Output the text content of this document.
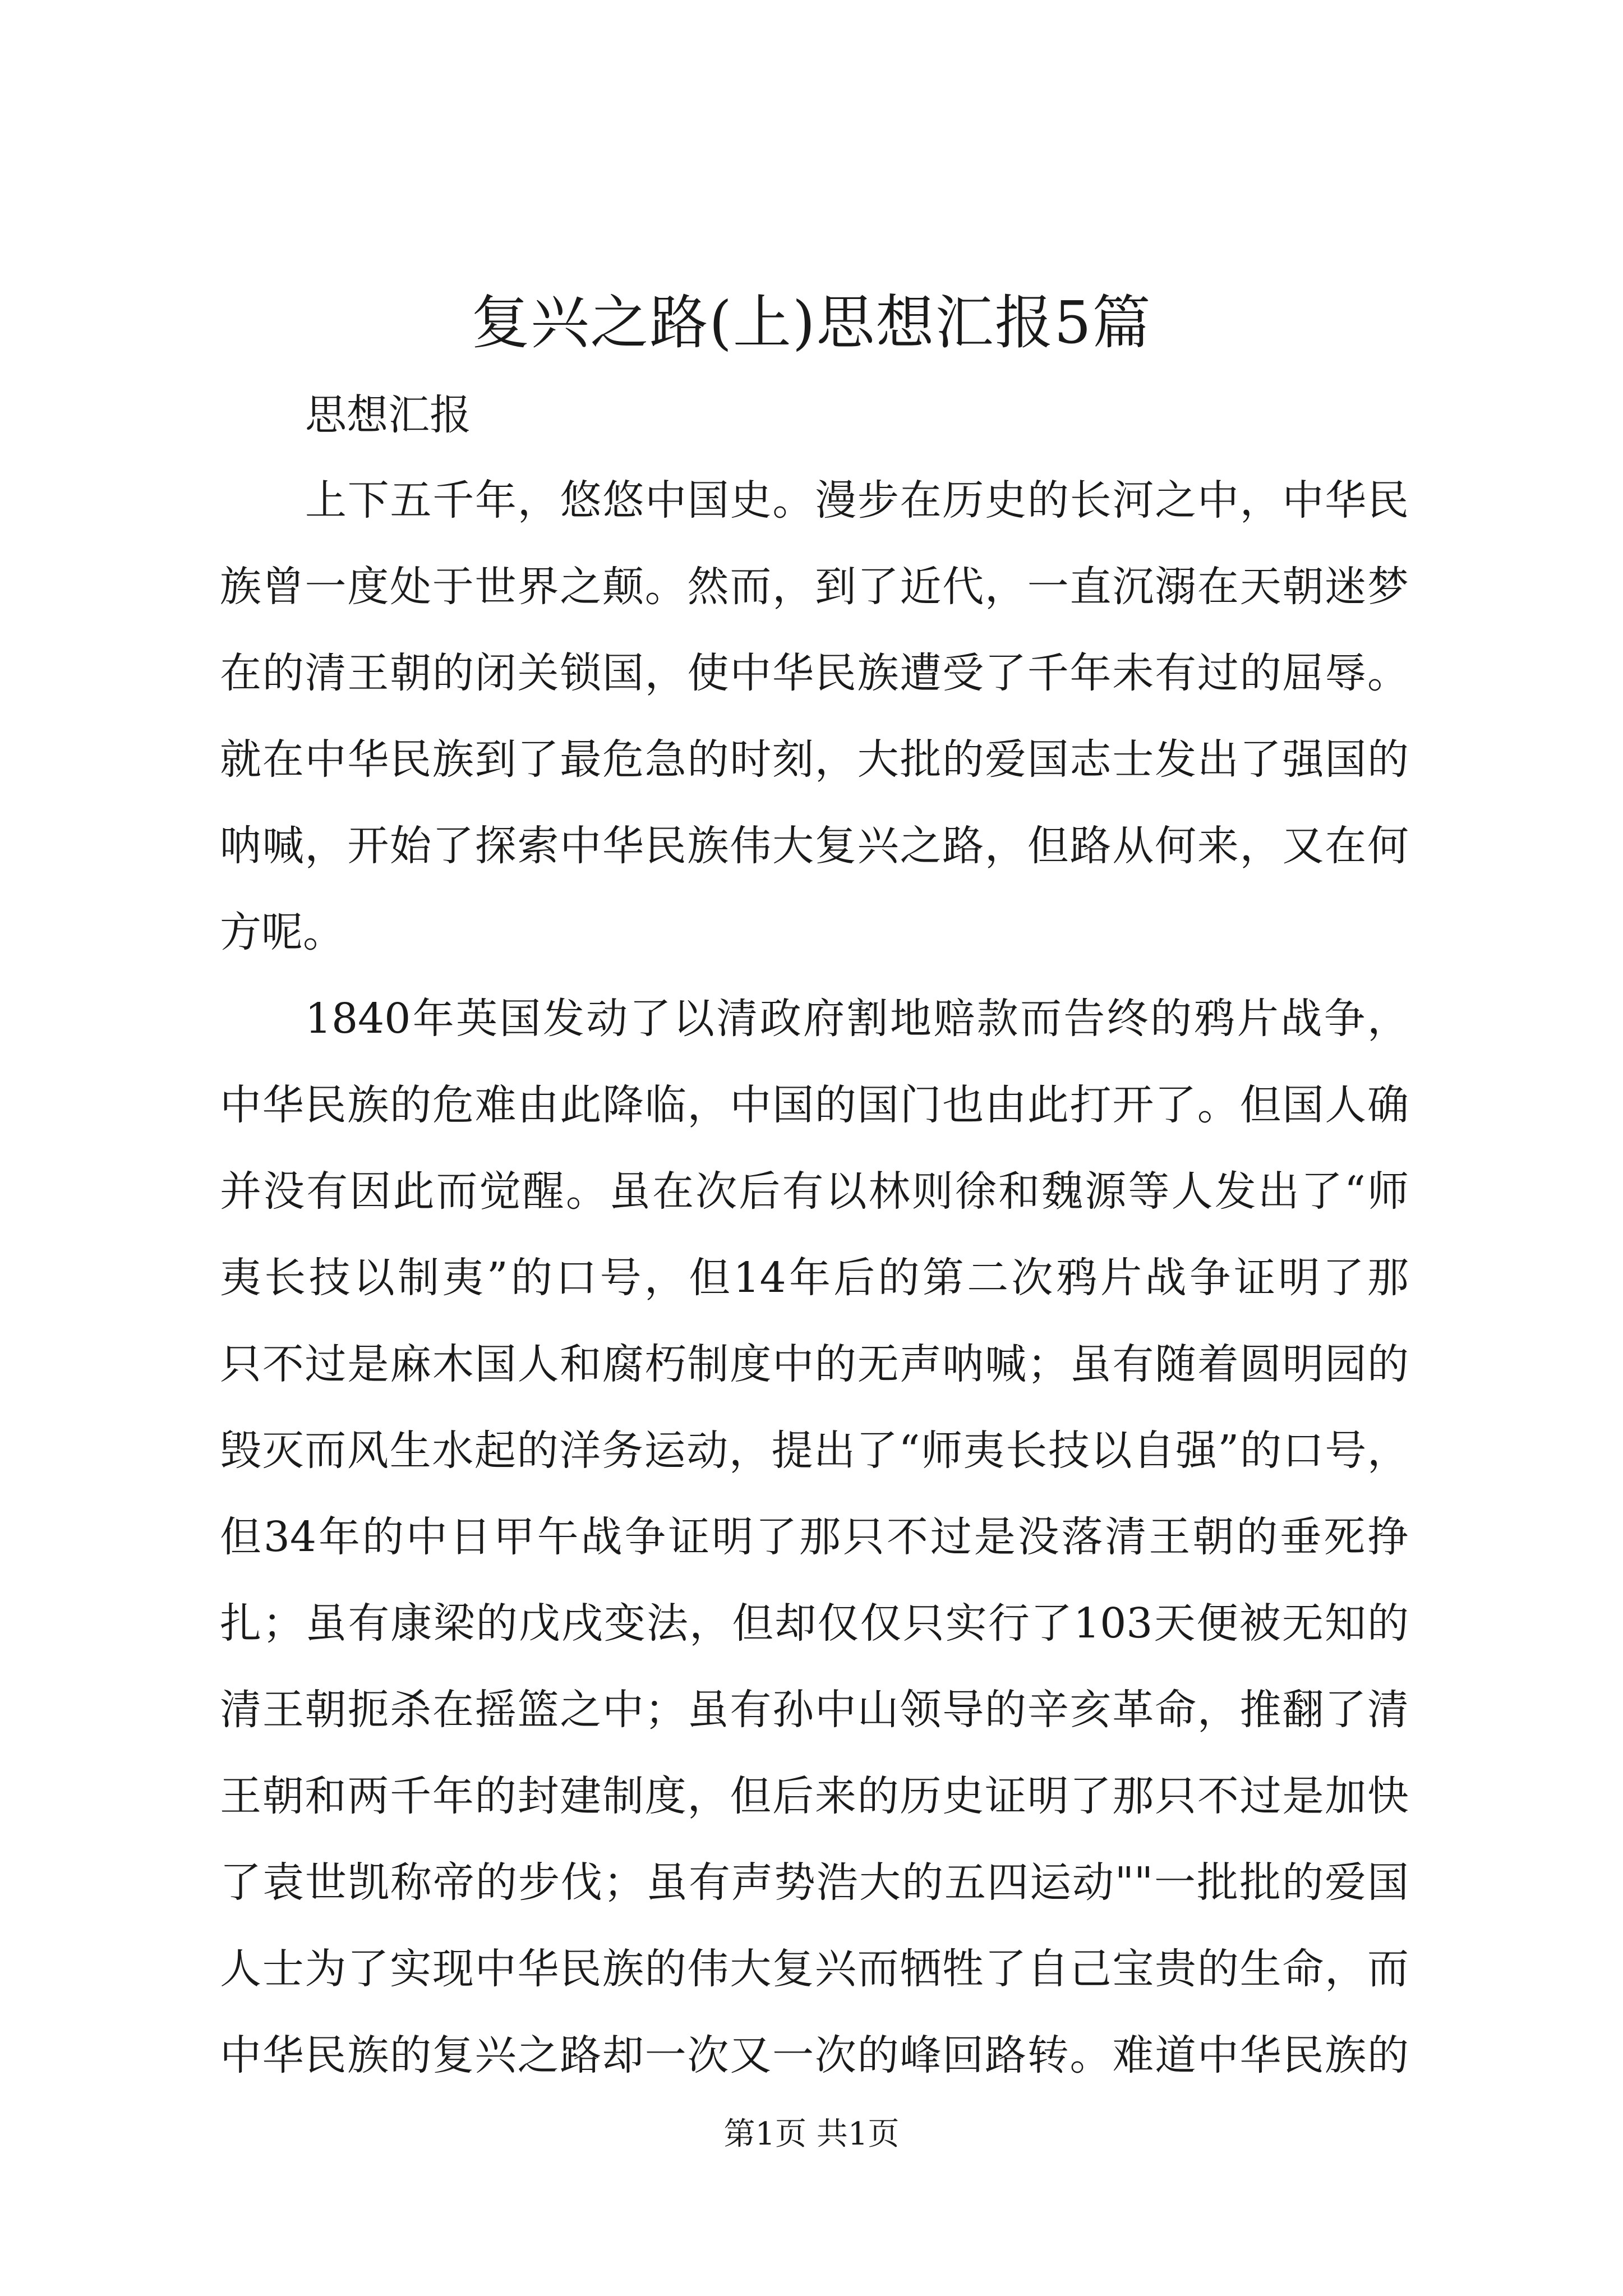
复兴之路(上)思想汇报5篇

思想汇报

上下五千年，悠悠中国史。漫步在历史的长河之中，中华民

族曾一度处于世界之颠。然而，到了近代，一直沉溺在天朝迷梦

在的清王朝的闭关锁国，使中华民族遭受了千年未有过的屈辱。

就在中华民族到了最危急的时刻，大批的爱国志士发出了强国的

呐喊，开始了探索中华民族伟大复兴之路，但路从何来，又在何

方呢。

1840年英国发动了以清政府割地赔款而告终的鸦片战争，

中华民族的危难由此降临，中国的国门也由此打开了。但国人确

并没有因此而觉醒。虽在次后有以林则徐和魏源等人发出了“师

夷长技以制夷”的口号，但14年后的第二次鸦片战争证明了那

只不过是麻木国人和腐朽制度中的无声呐喊；虽有随着圆明园的

毁灭而风生水起的洋务运动，提出了“师夷长技以自强”的口号，

但34年的中日甲午战争证明了那只不过是没落清王朝的垂死挣

扎；虽有康梁的戊戌变法，但却仅仅只实行了103天便被无知的

清王朝扼杀在摇篮之中；虽有孙中山领导的辛亥革命，推翻了清

王朝和两千年的封建制度，但后来的历史证明了那只不过是加快

了袁世凯称帝的步伐；虽有声势浩大的五四运动""一批批的爱国

人士为了实现中华民族的伟大复兴而牺牲了自己宝贵的生命，而

中华民族的复兴之路却一次又一次的峰回路转。难道中华民族的

第1页 共1页
